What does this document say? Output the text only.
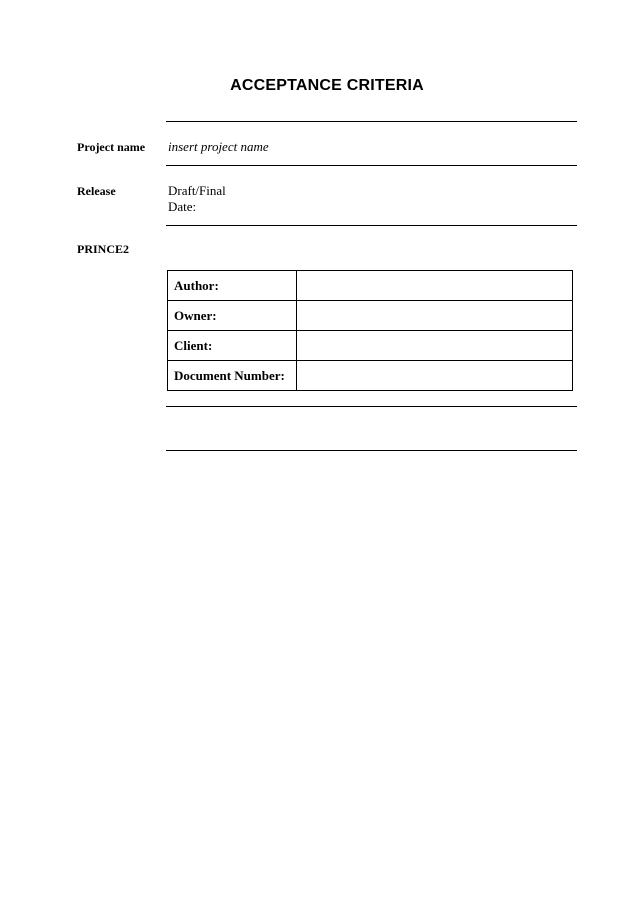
ACCEPTANCE CRITERIA
Project name insert project name
Release	Draft/Final
Date:
PRINCE2
Author:	
Owner:	
Client:	
Document Number:	
